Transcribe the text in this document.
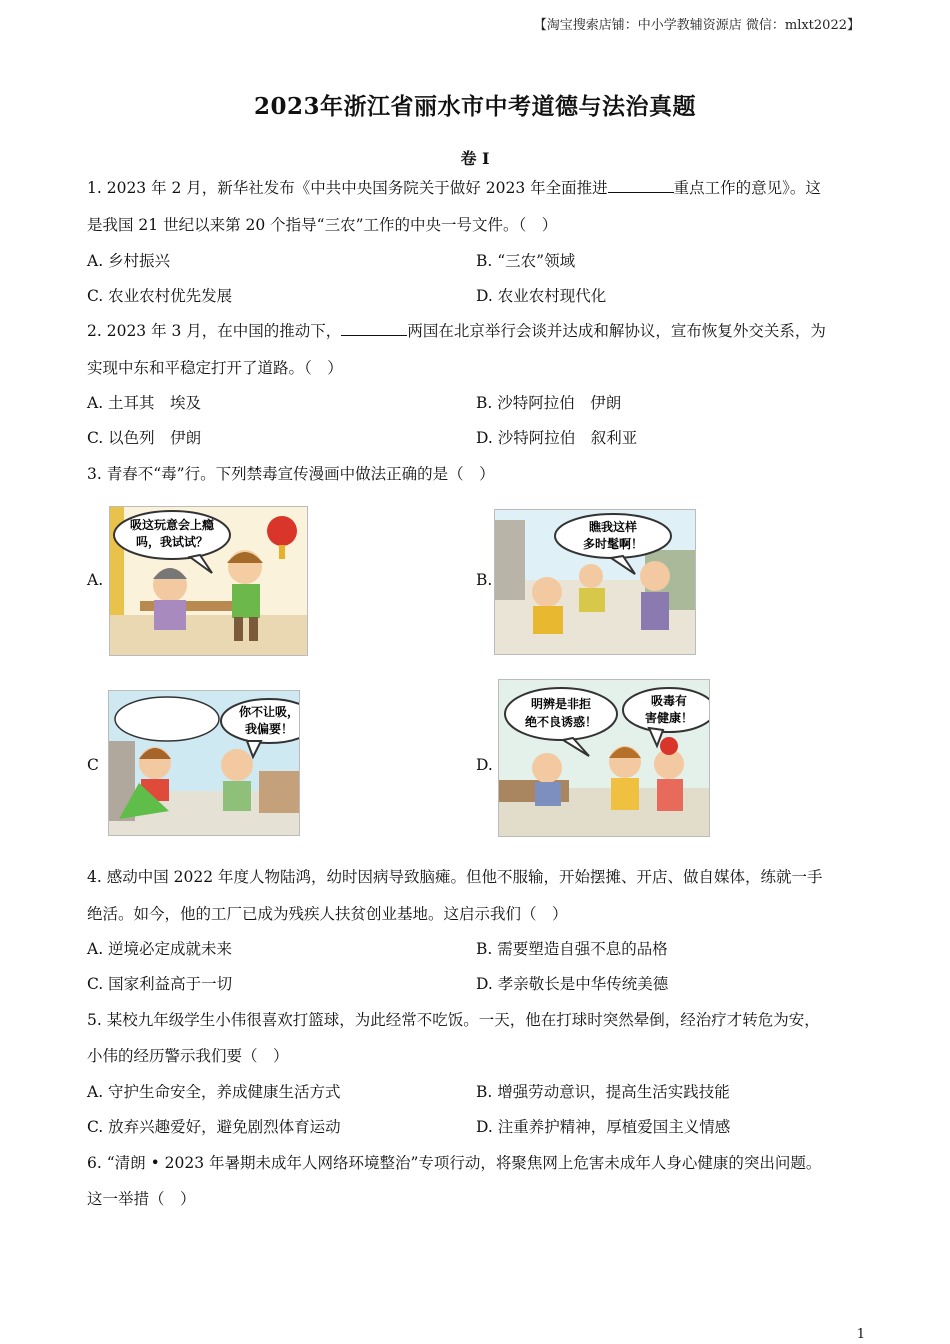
【淘宝搜索店铺：中小学教辅资源店 微信：mlxt2022】
2023年浙江省丽水市中考道德与法治真题
卷 I
1. 2023 年 2 月，新华社发布《中共中央国务院关于做好 2023 年全面推进	重点工作的意见》。这
是我国 21 世纪以来第 20 个指导“三农”工作的中央一号文件。（　）
A. 乡村振兴	B. “三农”领域
C. 农业农村优先发展	D. 农业农村现代化
2. 2023 年 3 月，在中国的推动下，	两国在北京举行会谈并达成和解协议，宣布恢复外交关系，为
实现中东和平稳定打开了道路。（　）
A. 土耳其　埃及	B. 沙特阿拉伯　伊朗
C. 以色列　伊朗	D. 沙特阿拉伯　叙利亚
3. 青春不“毒”行。下列禁毒宣传漫画中做法正确的是（　）
A.
吸这玩意会上瘾
吗，我试试？
B.
瞧我这样
多时髦啊！
C
你不让吸，
我偏要！
D.
明辨是非拒
绝不良诱惑！
吸毒有
害健康！
4. 感动中国 2022 年度人物陆鸿，幼时因病导致脑瘫。但他不服输，开始摆摊、开店、做自媒体，练就一手
绝活。如今，他的工厂已成为残疾人扶贫创业基地。这启示我们（　）
A. 逆境必定成就未来	B. 需要塑造自强不息的品格
C. 国家利益高于一切	D. 孝亲敬长是中华传统美德
5. 某校九年级学生小伟很喜欢打篮球，为此经常不吃饭。一天，他在打球时突然晕倒，经治疗才转危为安，
小伟的经历警示我们要（　）
A. 守护生命安全，养成健康生活方式	B. 增强劳动意识，提高生活实践技能
C. 放弃兴趣爱好，避免剧烈体育运动	D. 注重养护精神，厚植爱国主义情感
6. “清朗 • 2023 年暑期未成年人网络环境整治”专项行动，将聚焦网上危害未成年人身心健康的突出问题。
这一举措（　）
1
